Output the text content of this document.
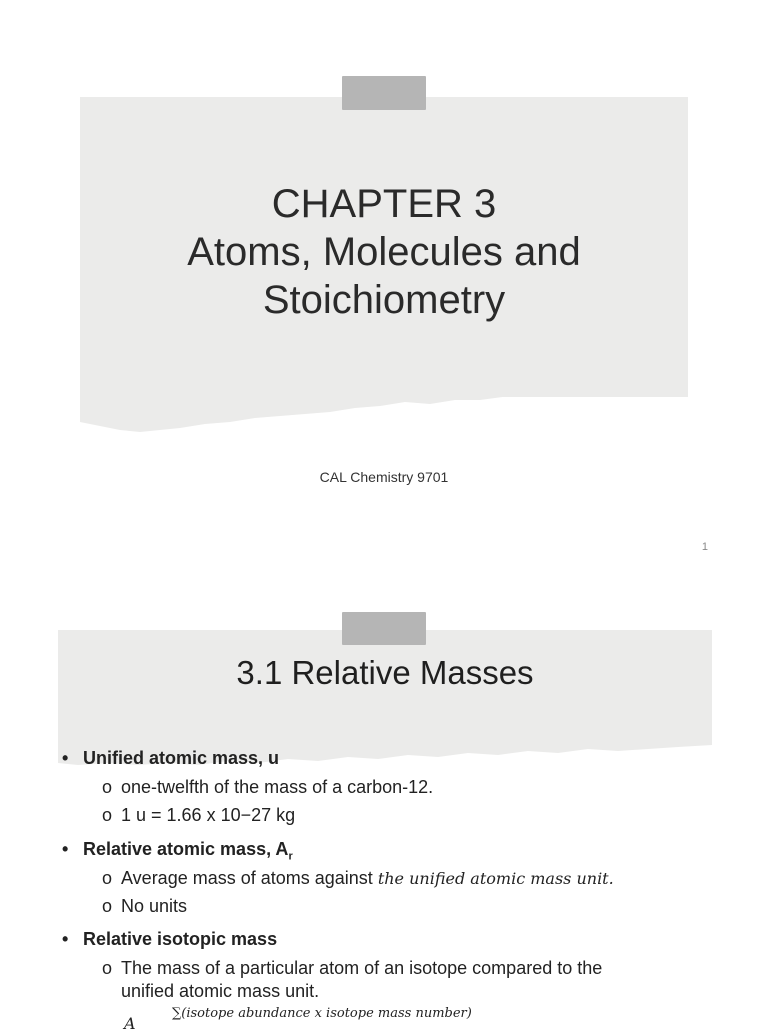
CHAPTER 3
Atoms, Molecules and
Stoichiometry
CAL Chemistry 9701
1
3.1 Relative Masses
• Unified atomic mass, u
o one-twelfth of the mass of a carbon-12.
o 1 u = 1.66 x 10−27 kg
• Relative atomic mass, $A_r$
o Average mass of atoms against the unified atomic mass unit.
o No units
• Relative isotopic mass
o The mass of a particular atom of an isotope compared to the
unified atomic mass unit.
∑(isotope abundance x isotope mass number)
A
